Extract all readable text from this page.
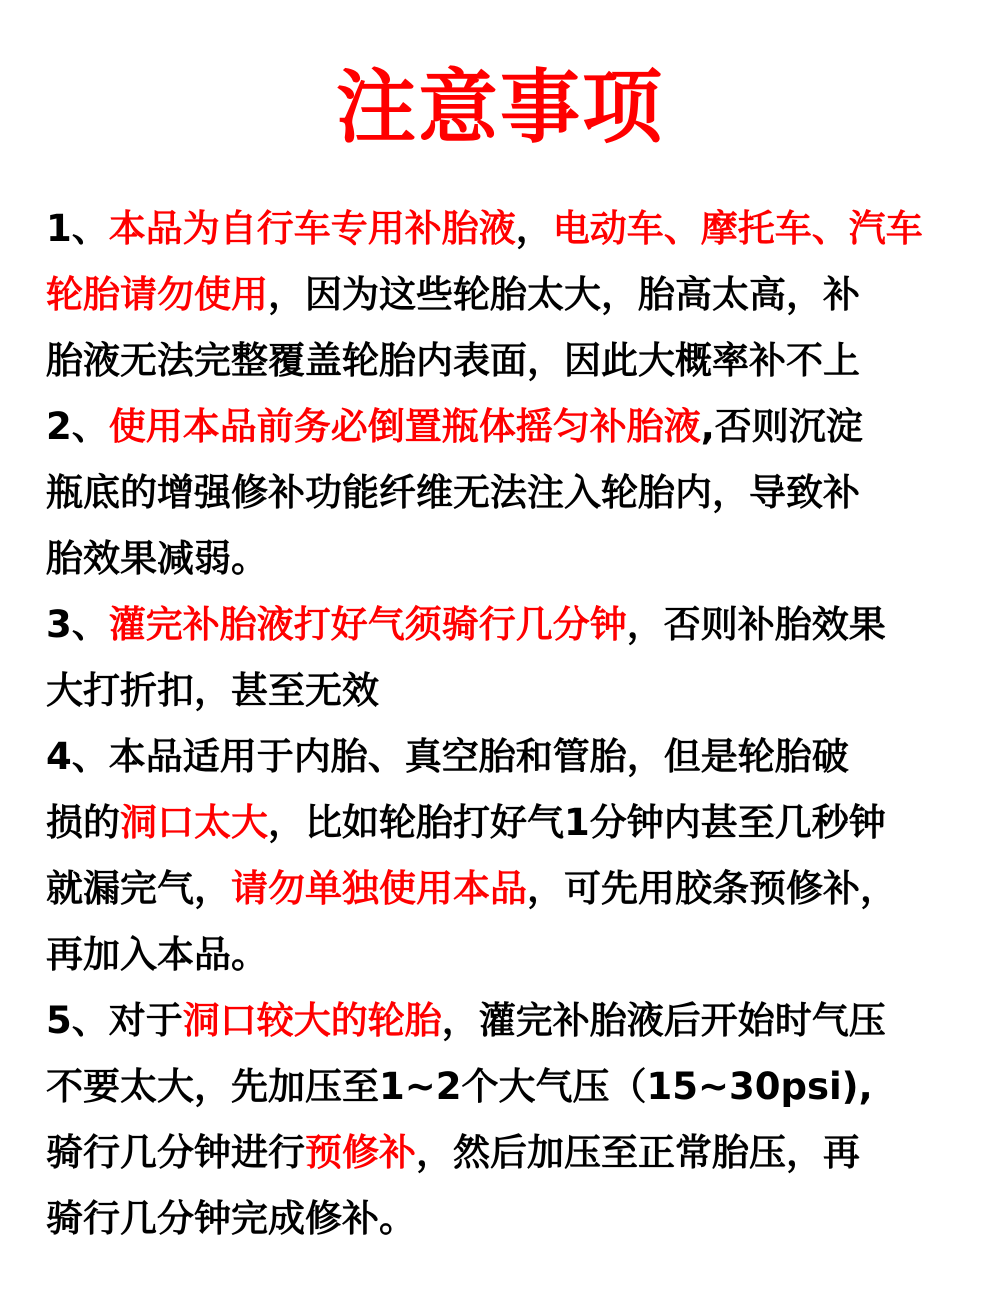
注意事项
1、本品为自行车专用补胎液，电动车、摩托车、汽车
轮胎请勿使用，因为这些轮胎太大，胎高太高，补
胎液无法完整覆盖轮胎内表面，因此大概率补不上
2、使用本品前务必倒置瓶体摇匀补胎液,否则沉淀
瓶底的增强修补功能纤维无法注入轮胎内，导致补
胎效果减弱。
3、灌完补胎液打好气须骑行几分钟，否则补胎效果
大打折扣，甚至无效
4、本品适用于内胎、真空胎和管胎，但是轮胎破
损的洞口太大，比如轮胎打好气1分钟内甚至几秒钟
就漏完气，请勿单独使用本品，可先用胶条预修补，
再加入本品。
5、对于洞口较大的轮胎，灌完补胎液后开始时气压
不要太大，先加压至1~2个大气压（15~30psi),
骑行几分钟进行预修补，然后加压至正常胎压，再
骑行几分钟完成修补。
